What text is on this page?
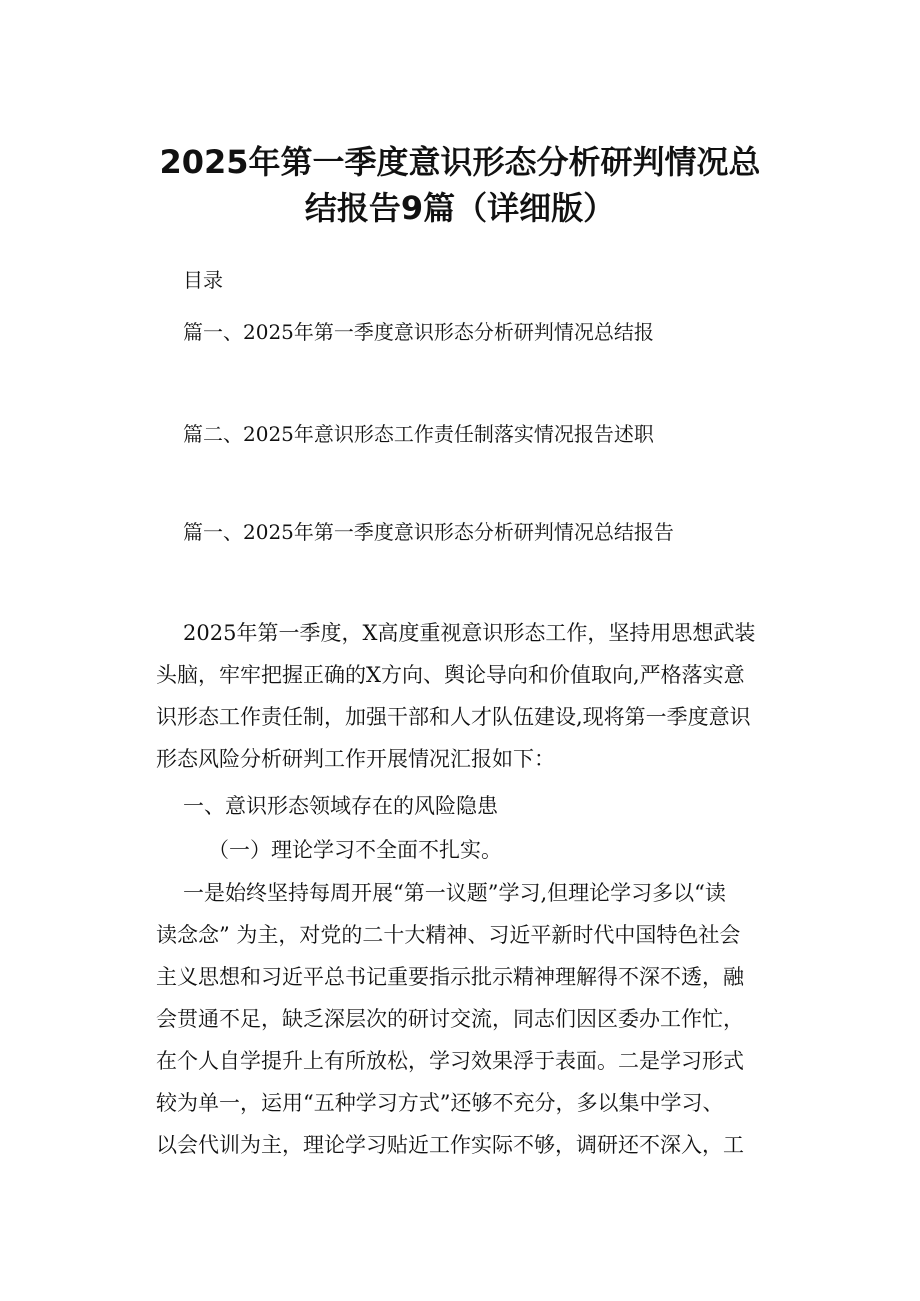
2025年第一季度意识形态分析研判情况总
结报告9篇（详细版）
目录
篇一、2025年第一季度意识形态分析研判情况总结报
篇二、2025年意识形态工作责任制落实情况报告述职
篇一、2025年第一季度意识形态分析研判情况总结报告
2025年第一季度，X高度重视意识形态工作，坚持用思想武装
头脑，牢牢把握正确的X方向、舆论导向和价值取向,严格落实意
识形态工作责任制，加强干部和人才队伍建设,现将第一季度意识
形态风险分析研判工作开展情况汇报如下：
一、意识形态领域存在的风险隐患
（一）理论学习不全面不扎实。
一是始终坚持每周开展“第一议题”学习,但理论学习多以“读
读念念” 为主，对党的二十大精神、习近平新时代中国特色社会
主义思想和习近平总书记重要指示批示精神理解得不深不透，融
会贯通不足，缺乏深层次的研讨交流，同志们因区委办工作忙，
在个人自学提升上有所放松，学习效果浮于表面。二是学习形式
较为单一，运用“五种学习方式”还够不充分，多以集中学习、
以会代训为主，理论学习贴近工作实际不够，调研还不深入，工
